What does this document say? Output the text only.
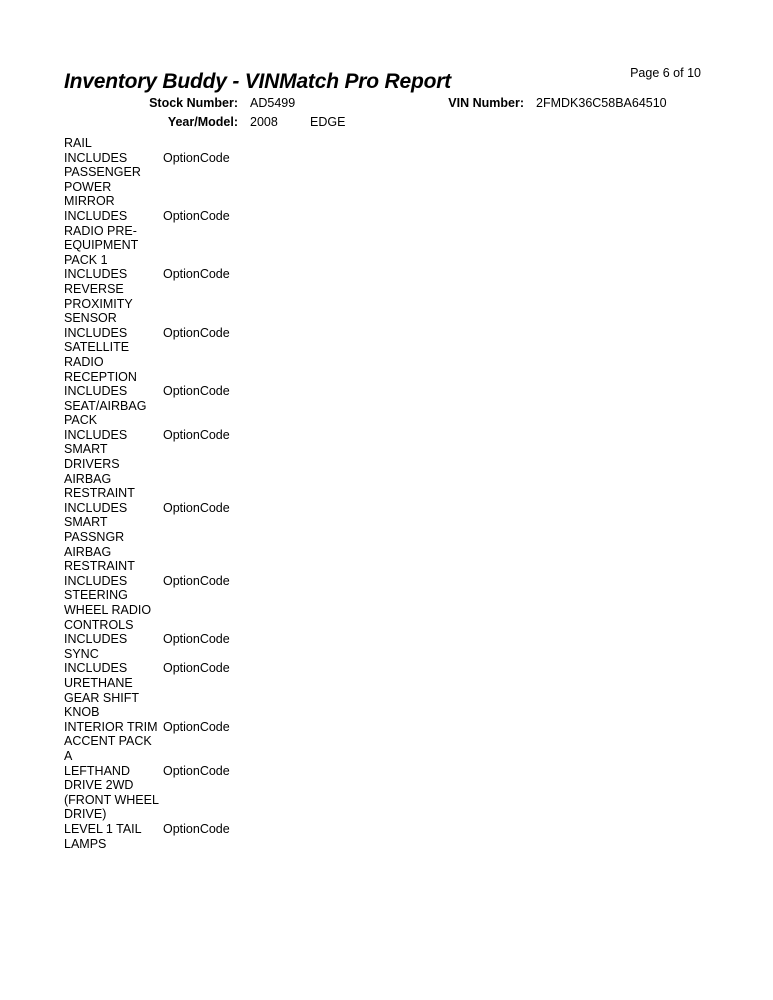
Page 6 of 10
Inventory Buddy - VINMatch Pro Report
Stock Number: AD5499	VIN Number: 2FMDK36C58BA64510
Year/Model: 2008	EDGE
RAIL
INCLUDES PASSENGER POWER MIRROR
OptionCode
INCLUDES RADIO PRE-EQUIPMENT PACK 1
OptionCode
INCLUDES REVERSE PROXIMITY SENSOR
OptionCode
INCLUDES SATELLITE RADIO RECEPTION
OptionCode
INCLUDES SEAT/AIRBAG PACK
OptionCode
INCLUDES SMART DRIVERS AIRBAG RESTRAINT
OptionCode
INCLUDES SMART PASSNGR AIRBAG RESTRAINT
OptionCode
INCLUDES STEERING WHEEL RADIO CONTROLS
OptionCode
INCLUDES SYNC
OptionCode
INCLUDES URETHANE GEAR SHIFT KNOB
OptionCode
INTERIOR TRIM ACCENT PACK A
OptionCode
LEFTHAND DRIVE 2WD (FRONT WHEEL DRIVE)
OptionCode
LEVEL 1 TAIL LAMPS
OptionCode
